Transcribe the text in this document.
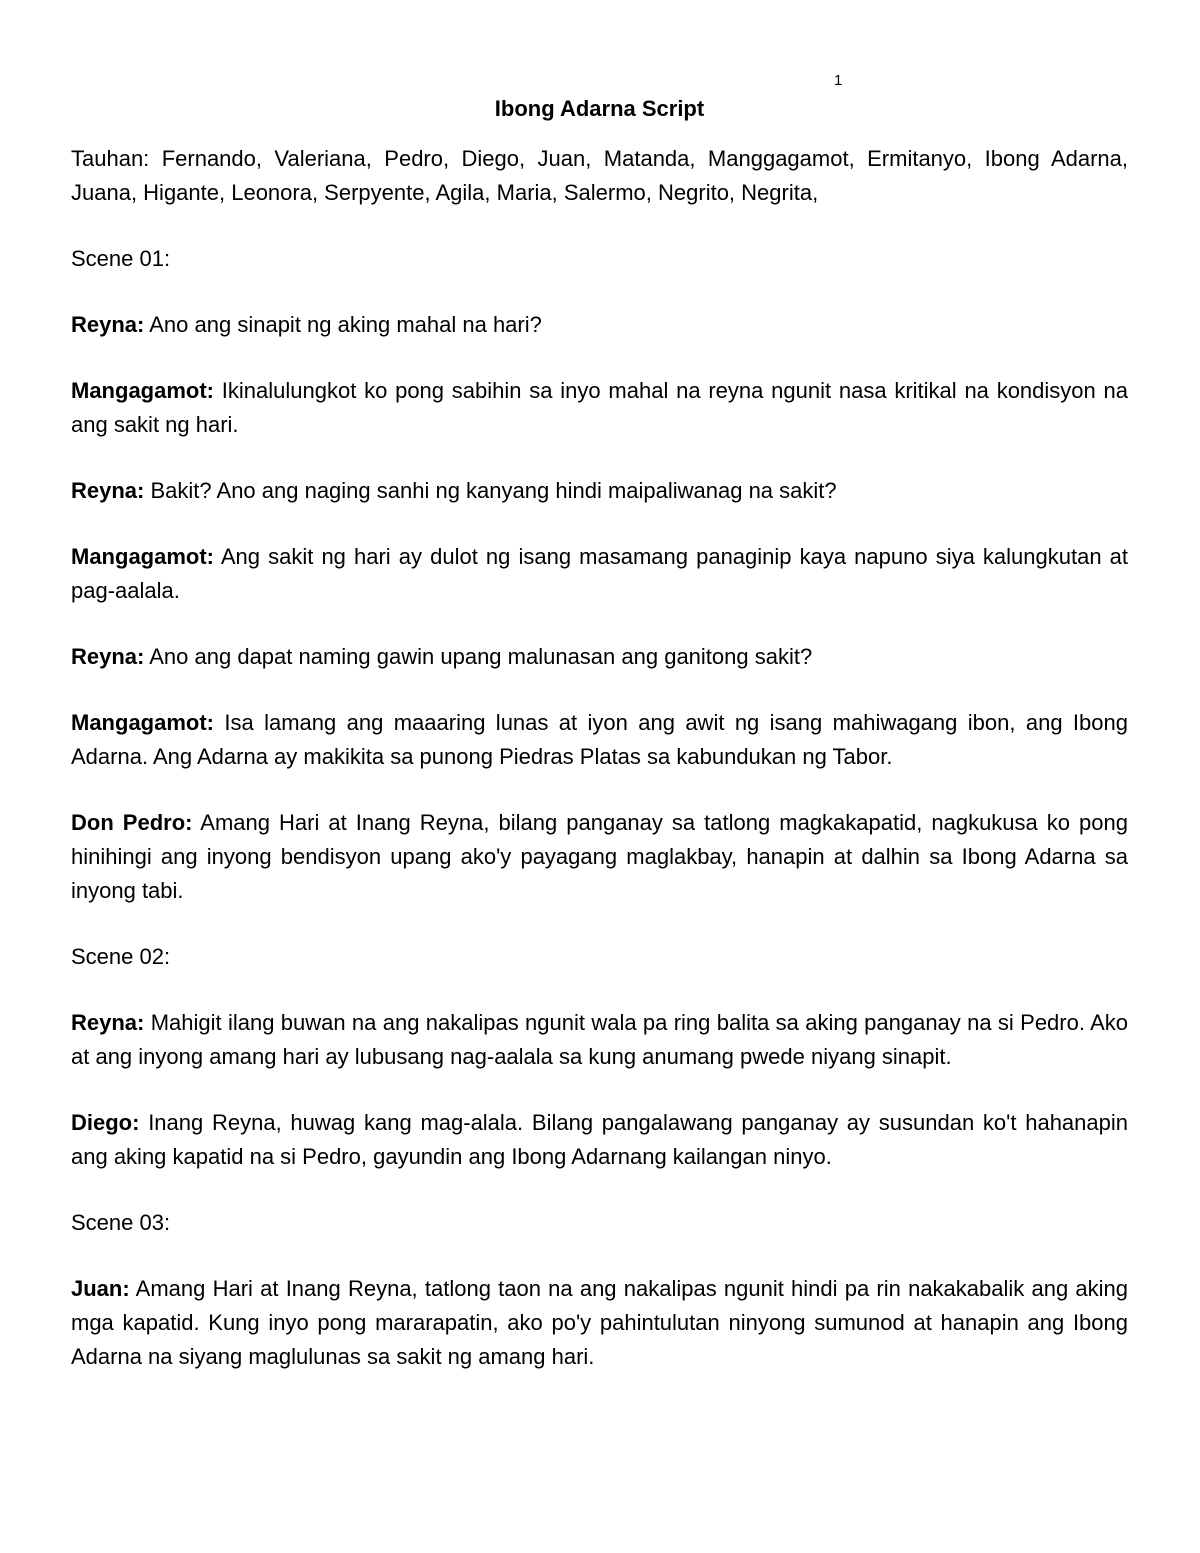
1
Ibong Adarna Script

Tauhan: Fernando, Valeriana, Pedro, Diego, Juan, Matanda, Manggagamot, Ermitanyo, Ibong Adarna, Juana, Higante, Leonora, Serpyente, Agila, Maria, Salermo, Negrito, Negrita,

Scene 01:

Reyna: Ano ang sinapit ng aking mahal na hari?

Mangagamot: Ikinalulungkot ko pong sabihin sa inyo mahal na reyna ngunit nasa kritikal na kondisyon na ang sakit ng hari.

Reyna: Bakit? Ano ang naging sanhi ng kanyang hindi maipaliwanag na sakit?

Mangagamot: Ang sakit ng hari ay dulot ng isang masamang panaginip kaya napuno siya kalungkutan at pag-aalala.

Reyna: Ano ang dapat naming gawin upang malunasan ang ganitong sakit?

Mangagamot: Isa lamang ang maaaring lunas at iyon ang awit ng isang mahiwagang ibon, ang Ibong Adarna. Ang Adarna ay makikita sa punong Piedras Platas sa kabundukan ng Tabor.

Don Pedro: Amang Hari at Inang Reyna, bilang panganay sa tatlong magkakapatid, nagkukusa ko pong hinihingi ang inyong bendisyon upang ako'y payagang maglakbay, hanapin at dalhin sa Ibong Adarna sa inyong tabi.

Scene 02:

Reyna: Mahigit ilang buwan na ang nakalipas ngunit wala pa ring balita sa aking panganay na si Pedro. Ako at ang inyong amang hari ay lubusang nag-aalala sa kung anumang pwede niyang sinapit.

Diego: Inang Reyna, huwag kang mag-alala. Bilang pangalawang panganay ay susundan ko't hahanapin ang aking kapatid na si Pedro, gayundin ang Ibong Adarnang kailangan ninyo.

Scene 03:

Juan: Amang Hari at Inang Reyna, tatlong taon na ang nakalipas ngunit hindi pa rin nakakabalik ang aking mga kapatid. Kung inyo pong mararapatin, ako po'y pahintulutan ninyong sumunod at hanapin ang Ibong Adarna na siyang maglulunas sa sakit ng amang hari.
